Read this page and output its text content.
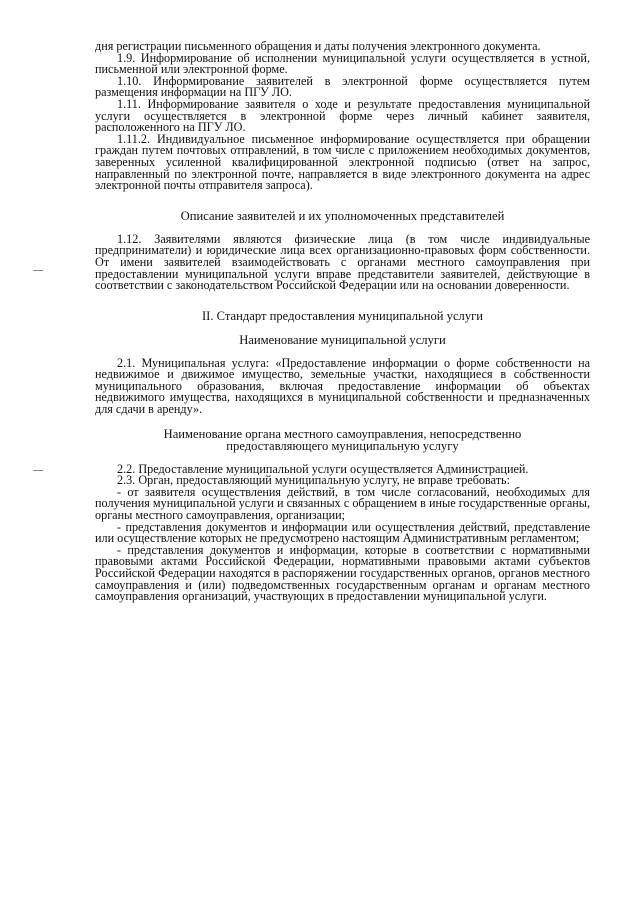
дня регистрации письменного обращения и даты получения электронного документа.

1.9. Информирование об исполнении муниципальной услуги осуществляется в устной, письменной или электронной форме.

1.10. Информирование заявителей в электронной форме осуществляется путем размещения информации на ПГУ ЛО.

1.11. Информирование заявителя о ходе и результате предоставления муниципальной услуги осуществляется в электронной форме через личный кабинет заявителя, расположенного на ПГУ ЛО.

1.11.2. Индивидуальное письменное информирование осуществляется при обращении граждан путем почтовых отправлений, в том числе с приложением необходимых документов, заверенных усиленной квалифицированной электронной подписью (ответ на запрос, направленный по электронной почте, направляется в виде электронного документа на адрес электронной почты отправителя запроса).

Описание заявителей и их уполномоченных представителей

1.12. Заявителями являются физические лица (в том числе индивидуальные предприниматели) и юридические лица всех организационно-правовых форм собственности. От имени заявителей взаимодействовать с органами местного самоуправления при предоставлении муниципальной услуги вправе представители заявителей, действующие в соответствии с законодательством Российской Федерации или на основании доверенности.

II. Стандарт предоставления муниципальной услуги

Наименование муниципальной услуги

2.1. Муниципальная услуга: «Предоставление информации о форме собственности на недвижимое и движимое имущество, земельные участки, находящиеся в собственности муниципального образования, включая предоставление информации об объектах недвижимого имущества, находящихся в муниципальной собственности и предназначенных для сдачи в аренду».

Наименование органа местного самоуправления, непосредственно

предоставляющего муниципальную услугу

2.2. Предоставление муниципальной услуги осуществляется Администрацией.

2.3. Орган, предоставляющий муниципальную услугу, не вправе требовать:

- от заявителя осуществления действий, в том числе согласований, необходимых для получения муниципальной услуги и связанных с обращением в иные государственные органы, органы местного самоуправления, организации;

- представления документов и информации или осуществления действий, представление или осуществление которых не предусмотрено настоящим Административным регламентом;

- представления документов и информации, которые в соответствии с нормативными правовыми актами Российской Федерации, нормативными правовыми актами субъектов Российской Федерации находятся в распоряжении государственных органов, органов местного самоуправления и (или) подведомственных государственным органам и органам местного самоуправления организаций, участвующих в предоставлении муниципальной услуги.
